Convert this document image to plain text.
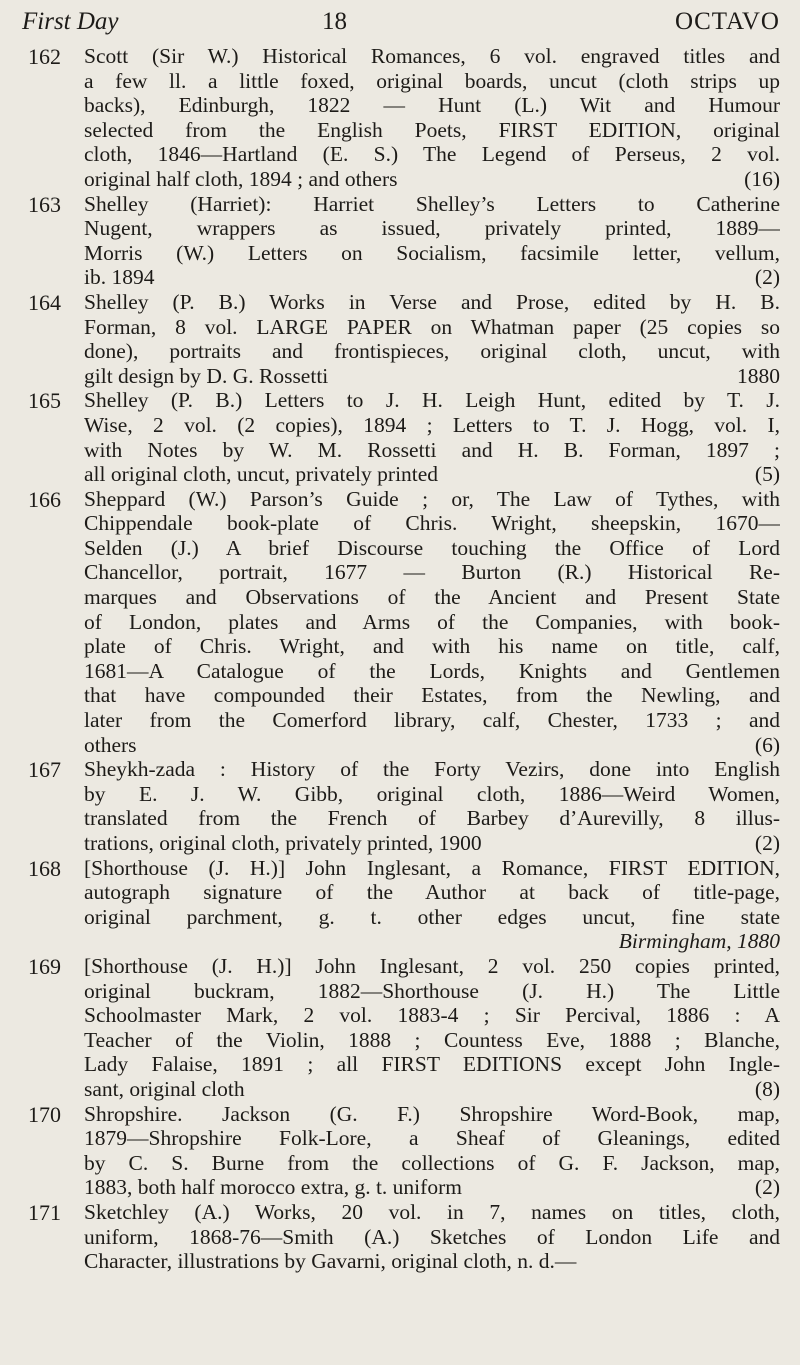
First Day	18	OCTAVO
162	Scott (Sir W.) Historical Romances, 6 vol. engraved titles and
a few ll. a little foxed, original boards, uncut (cloth strips up
backs), Edinburgh, 1822 — Hunt (L.) Wit and Humour
selected from the English Poets, FIRST EDITION, original
cloth, 1846—Hartland (E. S.) The Legend of Perseus, 2 vol.
original half cloth, 1894 ; and others	(16)
163	Shelley (Harriet): Harriet Shelley’s Letters to Catherine
Nugent, wrappers as issued, privately printed, 1889—
Morris (W.) Letters on Socialism, facsimile letter, vellum,
ib. 1894	(2)
164	Shelley (P. B.) Works in Verse and Prose, edited by H. B.
Forman, 8 vol. LARGE PAPER on Whatman paper (25 copies so
done), portraits and frontispieces, original cloth, uncut, with
gilt design by D. G. Rossetti	1880
165	Shelley (P. B.) Letters to J. H. Leigh Hunt, edited by T. J.
Wise, 2 vol. (2 copies), 1894 ; Letters to T. J. Hogg, vol. I,
with Notes by W. M. Rossetti and H. B. Forman, 1897 ;
all original cloth, uncut, privately printed	(5)
166	Sheppard (W.) Parson’s Guide ; or, The Law of Tythes, with
Chippendale book-plate of Chris. Wright, sheepskin, 1670—
Selden (J.) A brief Discourse touching the Office of Lord
Chancellor, portrait, 1677 — Burton (R.) Historical Re-
marques and Observations of the Ancient and Present State
of London, plates and Arms of the Companies, with book-
plate of Chris. Wright, and with his name on title, calf,
1681—A Catalogue of the Lords, Knights and Gentlemen
that have compounded their Estates, from the Newling, and
later from the Comerford library, calf, Chester, 1733 ; and
others	(6)
167	Sheykh-zada : History of the Forty Vezirs, done into English
by E. J. W. Gibb, original cloth, 1886—Weird Women,
translated from the French of Barbey d’Aurevilly, 8 illus-
trations, original cloth, privately printed, 1900	(2)
168	[Shorthouse (J. H.)] John Inglesant, a Romance, FIRST EDITION,
autograph signature of the Author at back of title-page,
original parchment, g. t. other edges uncut, fine state
Birmingham, 1880
169	[Shorthouse (J. H.)] John Inglesant, 2 vol. 250 copies printed,
original buckram, 1882—Shorthouse (J. H.) The Little
Schoolmaster Mark, 2 vol. 1883-4 ; Sir Percival, 1886 : A
Teacher of the Violin, 1888 ; Countess Eve, 1888 ; Blanche,
Lady Falaise, 1891 ; all FIRST EDITIONS except John Ingle-
sant, original cloth	(8)
170	Shropshire. Jackson (G. F.) Shropshire Word-Book, map,
1879—Shropshire Folk-Lore, a Sheaf of Gleanings, edited
by C. S. Burne from the collections of G. F. Jackson, map,
1883, both half morocco extra, g. t. uniform	(2)
171	Sketchley (A.) Works, 20 vol. in 7, names on titles, cloth,
uniform, 1868-76—Smith (A.) Sketches of London Life and
Character, illustrations by Gavarni, original cloth, n. d.—
